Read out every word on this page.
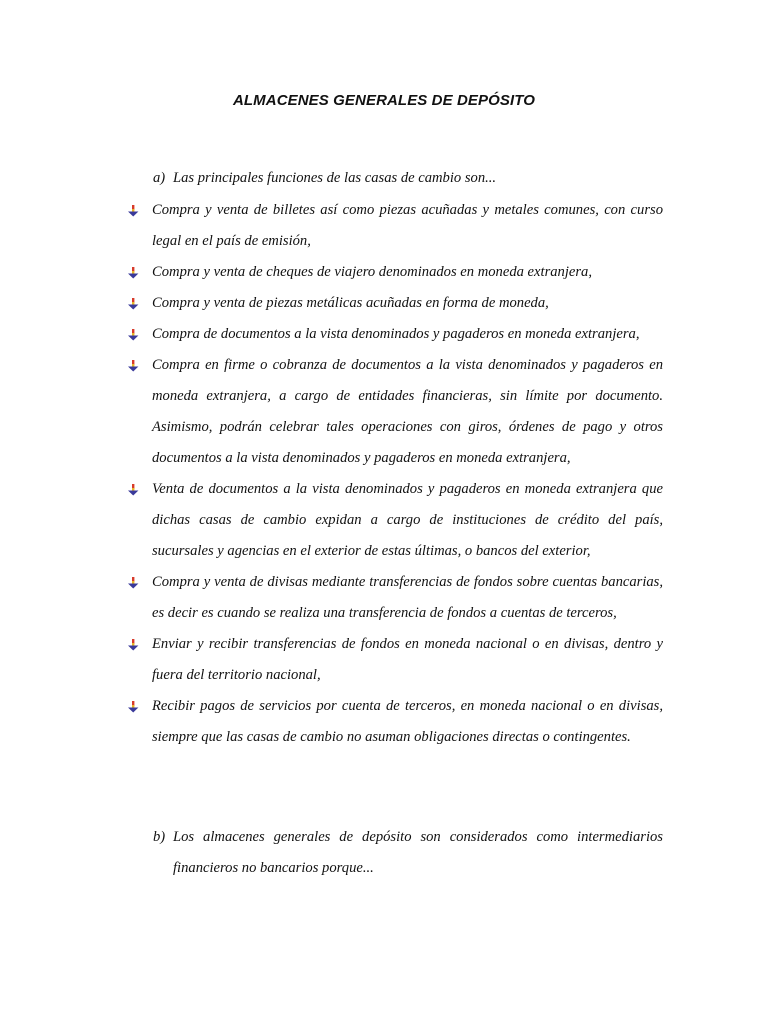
ALMACENES GENERALES DE DEPÓSITO
a) Las principales funciones de las casas de cambio son...
Compra y venta de billetes así como piezas acuñadas y metales comunes, con curso legal en el país de emisión,
Compra y venta de cheques de viajero denominados en moneda extranjera,
Compra y venta de piezas metálicas acuñadas en forma de moneda,
Compra de documentos a la vista denominados y pagaderos en moneda extranjera,
Compra en firme o cobranza de documentos a la vista denominados y pagaderos en moneda extranjera, a cargo de entidades financieras, sin límite por documento. Asimismo, podrán celebrar tales operaciones con giros, órdenes de pago y otros documentos a la vista denominados y pagaderos en moneda extranjera,
Venta de documentos a la vista denominados y pagaderos en moneda extranjera que dichas casas de cambio expidan a cargo de instituciones de crédito del país, sucursales y agencias en el exterior de estas últimas, o bancos del exterior,
Compra y venta de divisas mediante transferencias de fondos sobre cuentas bancarias, es decir es cuando se realiza una transferencia de fondos a cuentas de terceros,
Enviar y recibir transferencias de fondos en moneda nacional o en divisas, dentro y fuera del territorio nacional,
Recibir pagos de servicios por cuenta de terceros, en moneda nacional o en divisas, siempre que las casas de cambio no asuman obligaciones directas o contingentes.
b) Los almacenes generales de depósito son considerados como intermediarios
financieros no bancarios porque...
